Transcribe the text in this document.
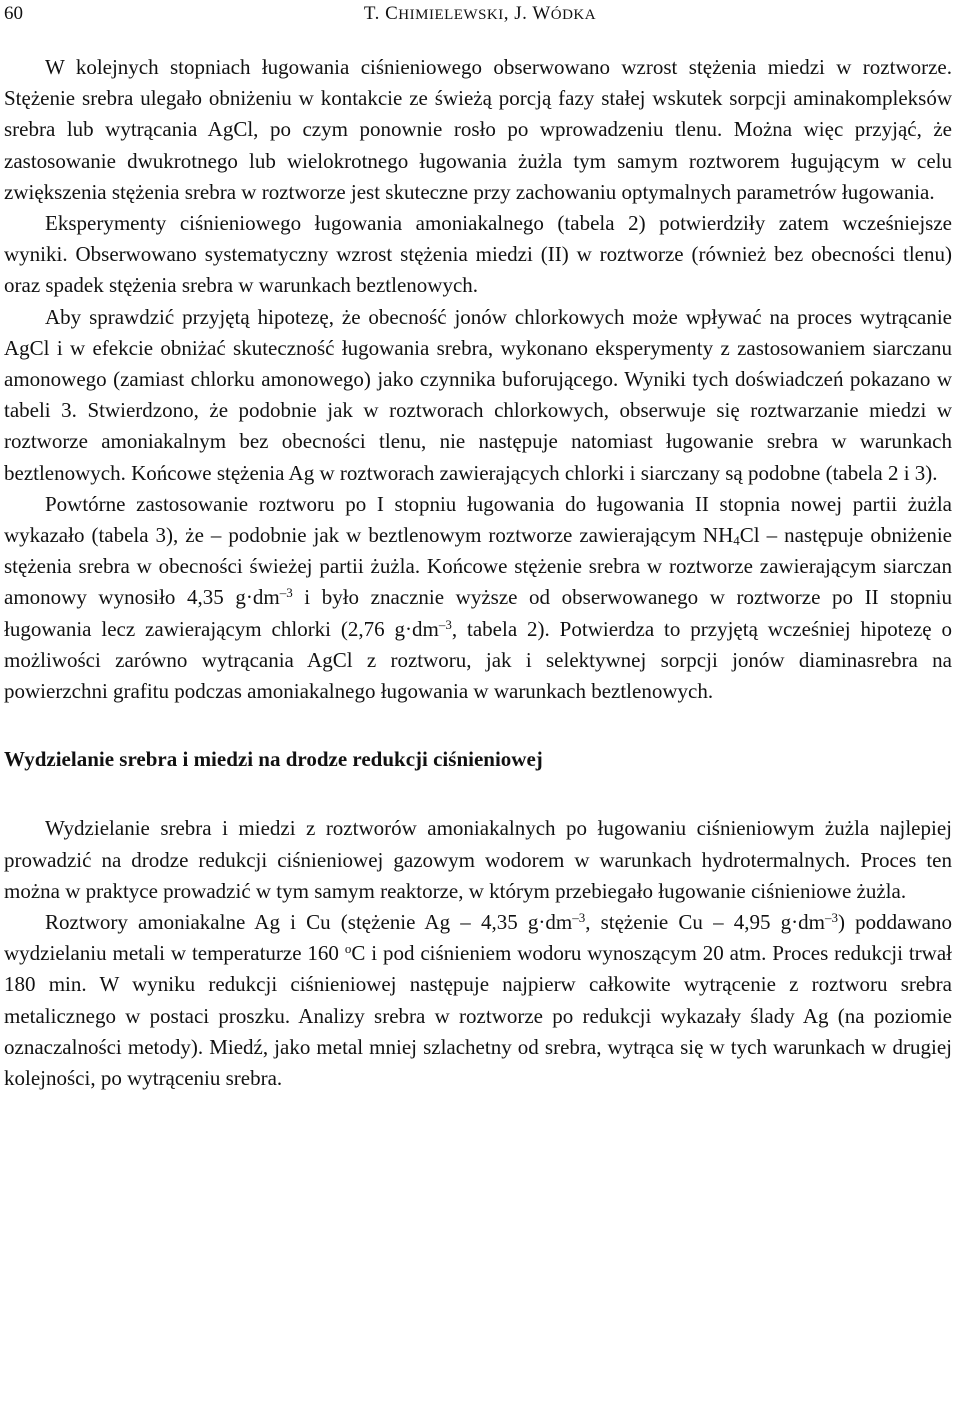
60	T. CHIMIELEWSKI, J. WÓDKA

W kolejnych stopniach ługowania ciśnieniowego obserwowano wzrost stężenia miedzi w roztworze. Stężenie srebra ulegało obniżeniu w kontakcie ze świeżą porcją fazy stałej wskutek sorpcji aminakompleksów srebra lub wytrącania AgCl, po czym ponownie rosło po wprowadzeniu tlenu. Można więc przyjąć, że zastosowanie dwukrotnego lub wielokrotnego ługowania żużla tym samym roztworem ługującym w celu zwiększenia stężenia srebra w roztworze jest skuteczne przy zachowaniu optymalnych parametrów ługowania.

Eksperymenty ciśnieniowego ługowania amoniakalnego (tabela 2) potwierdziły zatem wcześniejsze wyniki. Obserwowano systematyczny wzrost stężenia miedzi (II) w roztworze (również bez obecności tlenu) oraz spadek stężenia srebra w warunkach beztlenowych.

Aby sprawdzić przyjętą hipotezę, że obecność jonów chlorkowych może wpływać na proces wytrącanie AgCl i w efekcie obniżać skuteczność ługowania srebra, wykonano eksperymenty z zastosowaniem siarczanu amonowego (zamiast chlorku amonowego) jako czynnika buforującego. Wyniki tych doświadczeń pokazano w tabeli 3. Stwierdzono, że podobnie jak w roztworach chlorkowych, obserwuje się roztwarzanie miedzi w roztworze amoniakalnym bez obecności tlenu, nie następuje natomiast ługowanie srebra w warunkach beztlenowych. Końcowe stężenia Ag w roztworach zawierających chlorki i siarczany są podobne (tabela 2 i 3).

Powtórne zastosowanie roztworu po I stopniu ługowania do ługowania II stopnia nowej partii żużla wykazało (tabela 3), że – podobnie jak w beztlenowym roztworze zawierającym $NH_4Cl$ – następuje obniżenie stężenia srebra w obecności świeżej partii żużla. Końcowe stężenie srebra w roztworze zawierającym siarczan amonowy wynosiło 4,35 $g\cdot dm^{-3}$ i było znacznie wyższe od obserwowanego w roztworze po II stopniu ługowania lecz zawierającym chlorki (2,76 $g\cdot dm^{-3}$, tabela 2). Potwierdza to przyjętą wcześniej hipotezę o możliwości zarówno wytrącania AgCl z roztworu, jak i selektywnej sorpcji jonów diaminasrebra na powierzchni grafitu podczas amoniakalnego ługowania w warunkach beztlenowych.

Wydzielanie srebra i miedzi na drodze redukcji ciśnieniowej

Wydzielanie srebra i miedzi z roztworów amoniakalnych po ługowaniu ciśnieniowym żużla najlepiej prowadzić na drodze redukcji ciśnieniowej gazowym wodorem w warunkach hydrotermalnych. Proces ten można w praktyce prowadzić w tym samym reaktorze, w którym przebiegało ługowanie ciśnieniowe żużla.

Roztwory amoniakalne Ag i Cu (stężenie Ag – 4,35 $g\cdot dm^{-3}$, stężenie Cu – 4,95 $g\cdot dm^{-3}$) poddawano wydzielaniu metali w temperaturze 160 $^o$C i pod ciśnieniem wodoru wynoszącym 20 atm. Proces redukcji trwał 180 min. W wyniku redukcji ciśnieniowej następuje najpierw całkowite wytrącenie z roztworu srebra metalicznego w postaci proszku. Analizy srebra w roztworze po redukcji wykazały ślady Ag (na poziomie oznaczalności metody). Miedź, jako metal mniej szlachetny od srebra, wytrąca się w tych warunkach w drugiej kolejności, po wytrąceniu srebra.
